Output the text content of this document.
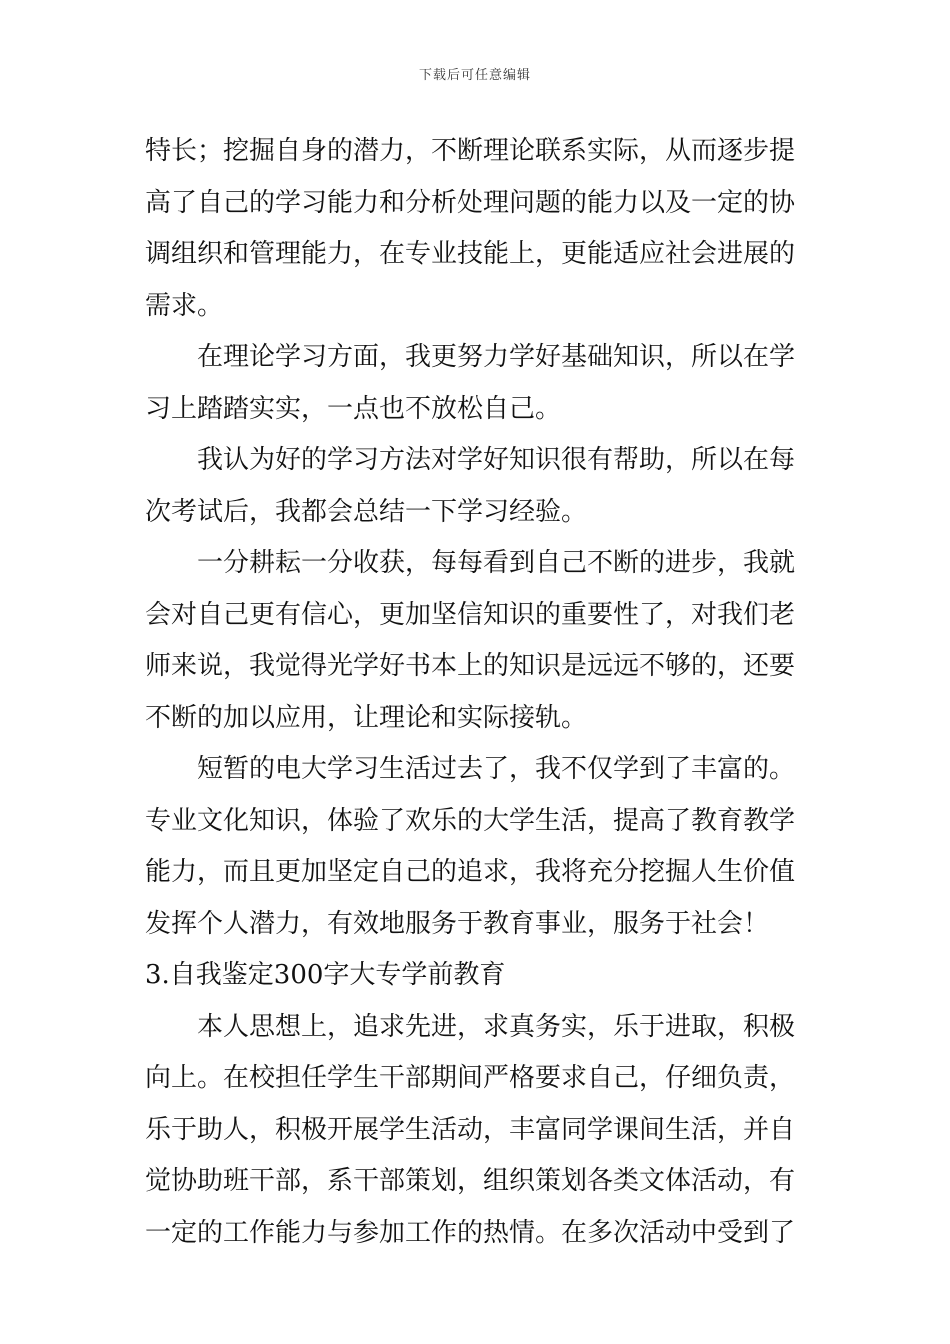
下载后可任意编辑
特长；挖掘自身的潜力，不断理论联系实际，从而逐步提
高了自己的学习能力和分析处理问题的能力以及一定的协
调组织和管理能力，在专业技能上，更能适应社会进展的
需求。
在理论学习方面，我更努力学好基础知识，所以在学
习上踏踏实实，一点也不放松自己。
我认为好的学习方法对学好知识很有帮助，所以在每
次考试后，我都会总结一下学习经验。
一分耕耘一分收获，每每看到自己不断的进步，我就
会对自己更有信心，更加坚信知识的重要性了，对我们老
师来说，我觉得光学好书本上的知识是远远不够的，还要
不断的加以应用，让理论和实际接轨。
短暂的电大学习生活过去了，我不仅学到了丰富的。
专业文化知识，体验了欢乐的大学生活，提高了教育教学
能力，而且更加坚定自己的追求，我将充分挖掘人生价值
发挥个人潜力，有效地服务于教育事业，服务于社会！
3.自我鉴定300字大专学前教育
本人思想上，追求先进，求真务实，乐于进取，积极
向上。在校担任学生干部期间严格要求自己，仔细负责，
乐于助人，积极开展学生活动，丰富同学课间生活，并自
觉协助班干部，系干部策划，组织策划各类文体活动，有
一定的工作能力与参加工作的热情。在多次活动中受到了
